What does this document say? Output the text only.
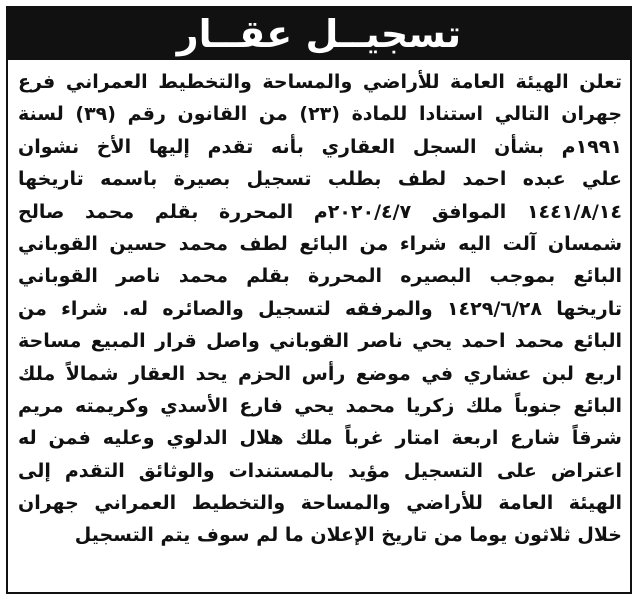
تسجيــل عقــار
تعلن الهيئة العامة للأراضي والمساحة والتخطيط العمراني فرع
جهران التالي استنادا للمادة (٢٣) من القانون رقم (٣٩) لسنة
١٩٩١م بشأن السجل العقاري بأنه تقدم إليها الأخ نشوان
علي عبده احمد لطف بطلب تسجيل بصيرة باسمه تاريخها
١٤٤١/٨/١٤ الموافق ٢٠٢٠/٤/٧م المحررة بقلم محمد صالح
شمسان آلت اليه شراء من البائع لطف محمد حسين القوباني
البائع بموجب البصيره المحررة بقلم محمد ناصر القوباني
تاريخها ١٤٢٩/٦/٢٨ والمرفقه لتسجيل والصائره له. شراء من
البائع محمد احمد يحي ناصر القوباني واصل قرار المبيع مساحة
اربع لبن عشاري في موضع رأس الحزم يحد العقار شمالاً ملك
البائع جنوباً ملك زكريا محمد يحي فارع الأسدي وكريمته مريم
شرقاً شارع اربعة امتار غرباً ملك هلال الدلوي وعليه فمن له
اعتراض على التسجيل مؤيد بالمستندات والوثائق التقدم إلى
الهيئة العامة للأراضي والمساحة والتخطيط العمراني جهران
خلال ثلاثون يوما من تاريخ الإعلان ما لم سوف يتم التسجيل
